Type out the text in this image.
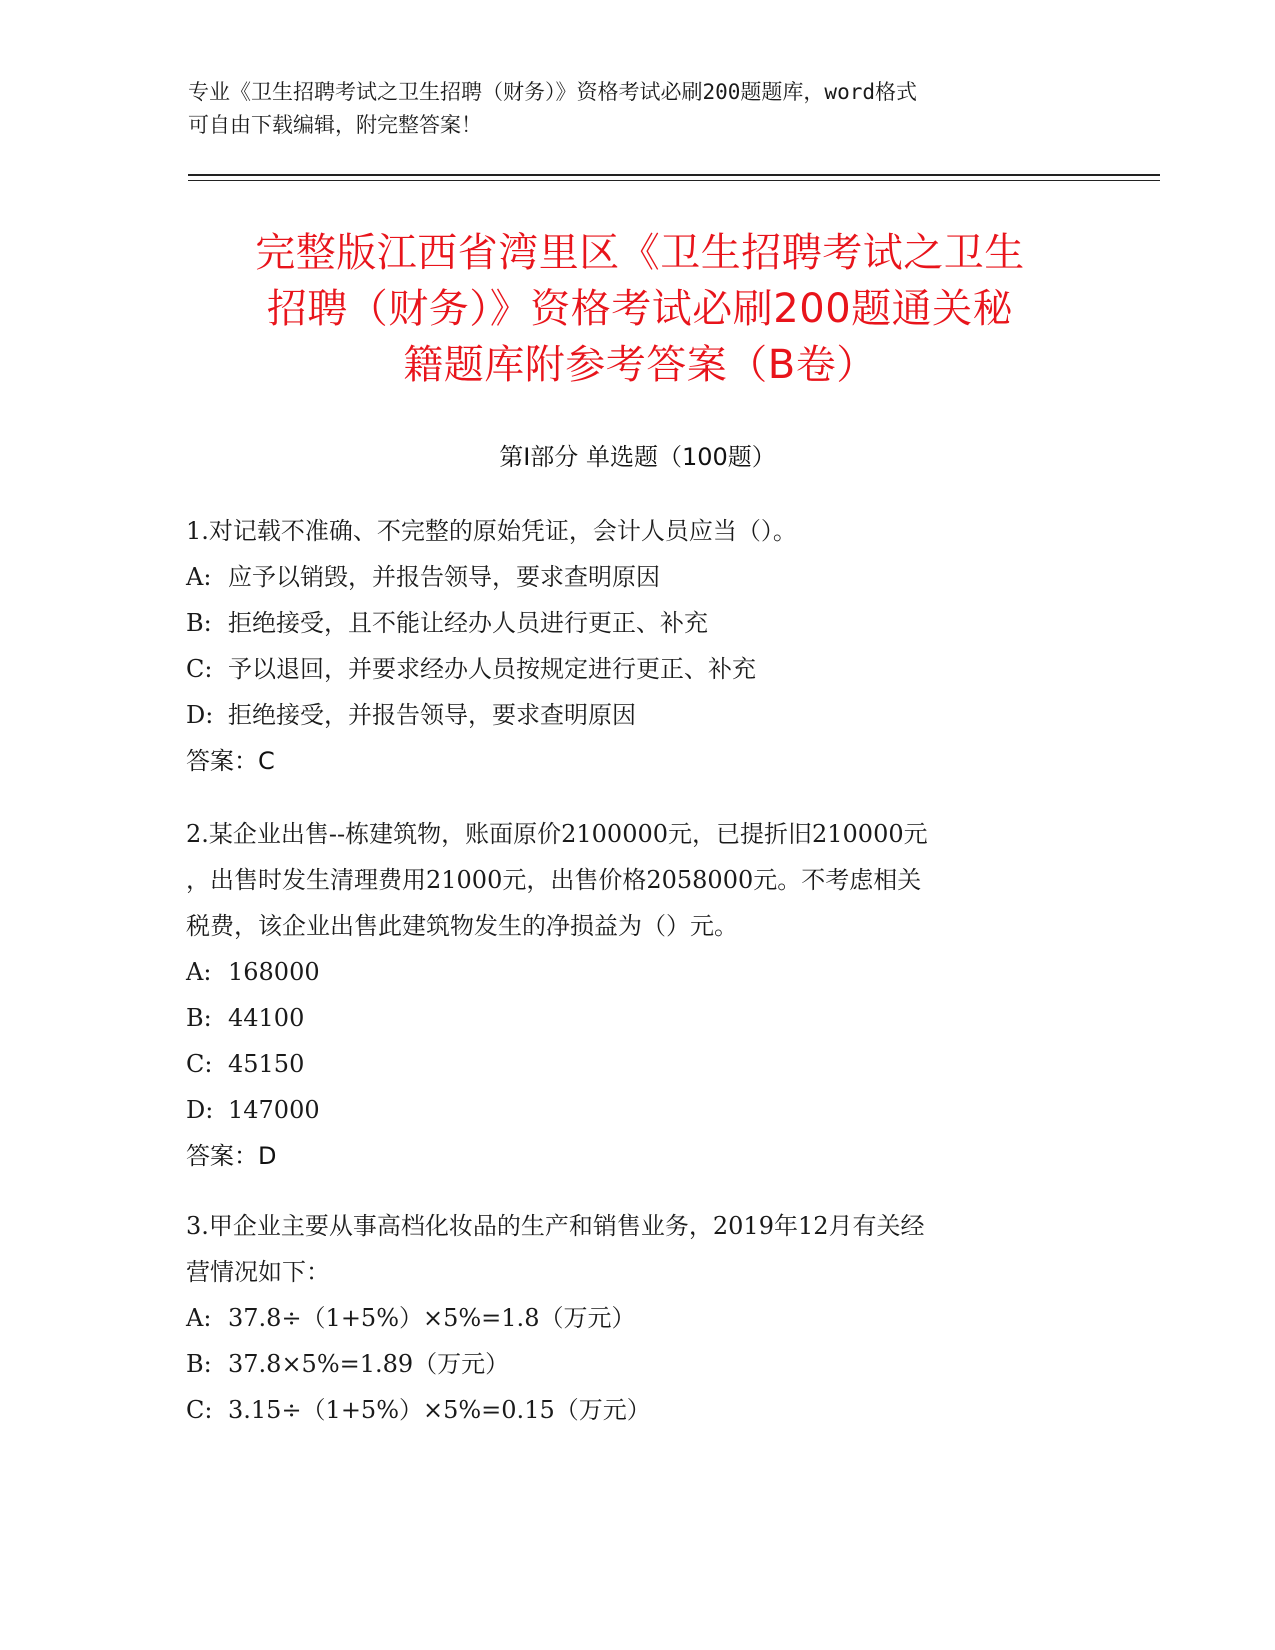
专业《卫生招聘考试之卫生招聘（财务）》资格考试必刷200题题库，word格式
可自由下载编辑，附完整答案！
完整版江西省湾里区《卫生招聘考试之卫生
招聘（财务）》资格考试必刷200题通关秘
籍题库附参考答案（B卷）
第Ⅰ部分 单选题（100题）

1.对记载不准确、不完整的原始凭证，会计人员应当（）。

A: 应予以销毁，并报告领导，要求查明原因

B: 拒绝接受，且不能让经办人员进行更正、补充

C: 予以退回，并要求经办人员按规定进行更正、补充

D: 拒绝接受，并报告领导，要求查明原因

答案：C

2.某企业出售--栋建筑物，账面原价2100000元，已提折旧210000元

，出售时发生清理费用21000元，出售价格2058000元。不考虑相关

税费，该企业出售此建筑物发生的净损益为（）元。

A: 168000

B: 44100

C: 45150

D: 147000

答案：D

3.甲企业主要从事高档化妆品的生产和销售业务，2019年12月有关经

营情况如下：

A: 37.8÷（1+5%）×5%=1.8（万元）

B: 37.8×5%=1.89（万元）

C: 3.15÷（1+5%）×5%=0.15（万元）
